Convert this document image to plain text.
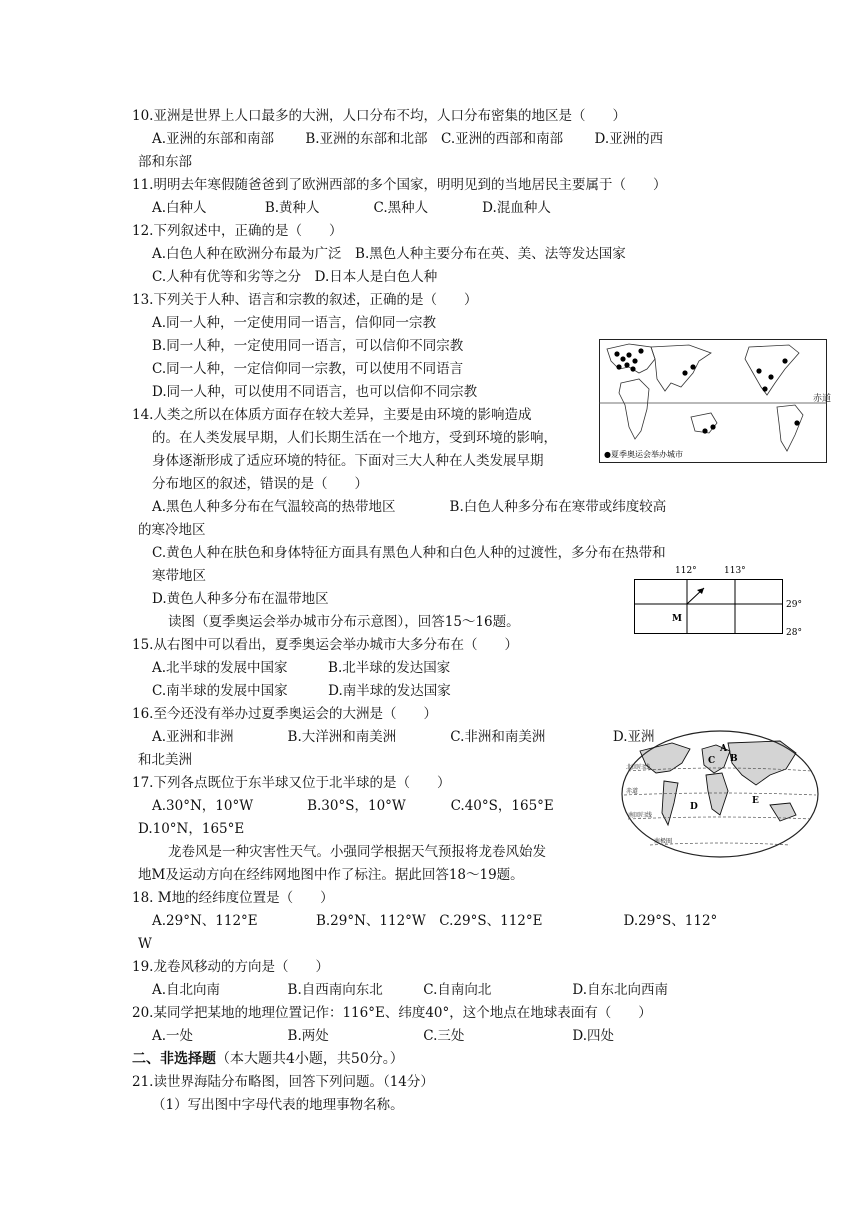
10.亚洲是世界上人口最多的大洲，人口分布不均，人口分布密集的地区是（　　）
A.亚洲的东部和南部　　 B.亚洲的东部和北部　C.亚洲的西部和南部　　 D.亚洲的西
部和东部
11.明明去年寒假随爸爸到了欧洲西部的多个国家，明明见到的当地居民主要属于（　　）
A.白种人　　　　 B.黄种人　　　　C.黑种人　　　　D.混血种人
12.下列叙述中，正确的是（　　）
A.白色人种在欧洲分布最为广泛　B.黑色人种主要分布在英、美、法等发达国家
C.人种有优等和劣等之分　D.日本人是白色人种
13.下列关于人种、语言和宗教的叙述，正确的是（　　）
A.同一人种，一定使用同一语言，信仰同一宗教
B.同一人种，一定使用同一语言，可以信仰不同宗教
C.同一人种，一定信仰同一宗教，可以使用不同语言
D.同一人种，可以使用不同语言，也可以信仰不同宗教
14.人类之所以在体质方面存在较大差异，主要是由环境的影响造成
的。在人类发展早期，人们长期生活在一个地方，受到环境的影响，
身体逐渐形成了适应环境的特征。下面对三大人种在人类发展早期
分布地区的叙述，错误的是（　　）
A.黑色人种多分布在气温较高的热带地区　　　　B.白色人种多分布在寒带或纬度较高
的寒冷地区
C.黄色人种在肤色和身体特征方面具有黑色人种和白色人种的过渡性，多分布在热带和
寒带地区
D.黄色人种多分布在温带地区
读图（夏季奥运会举办城市分布示意图），回答15～16题。
15.从右图中可以看出，夏季奥运会举办城市大多分布在（　　）
A.北半球的发展中国家　　　B.北半球的发达国家
C.南半球的发展中国家　　　D.南半球的发达国家
16.至今还没有举办过夏季奥运会的大洲是（　　）
A.亚洲和非洲　　　　B.大洋洲和南美洲　　　　C.非洲和南美洲　　　　　D.亚洲
和北美洲
17.下列各点既位于东半球又位于北半球的是（　　）
A.30°N，10°W　　　　B.30°S，10°W　　　 C.40°S，165°E
D.10°N，165°E
龙卷风是一种灾害性天气。小强同学根据天气预报将龙卷风始发
地M及运动方向在经纬网地图中作了标注。据此回答18～19题。
18. M地的经纬度位置是（　　）
A.29°N、112°E　　　　 B.29°N、112°W　C.29°S、112°E　　　　　　D.29°S、112°
W
19.龙卷风移动的方向是（　　）
A.自北向南　　　　　B.自西南向东北　　　C.自南向北　　　　　　D.自东北向西南
20.某同学把某地的地理位置记作：116°E、纬度40°，这个地点在地球表面有（　　）
A.一处　　　　　　　B.两处　　　　　　　C.三处　　　　　　　　D.四处
二、非选择题（本大题共4小题，共50分。）
21.读世界海陆分布略图，回答下列问题。（14分）
（1）写出图中字母代表的地理事物名称。
赤道
●夏季奥运会举办城市
112°	113°
29°
28°
M
北回归线
赤道
南回归线
南极圈
A
B
C
D
E
